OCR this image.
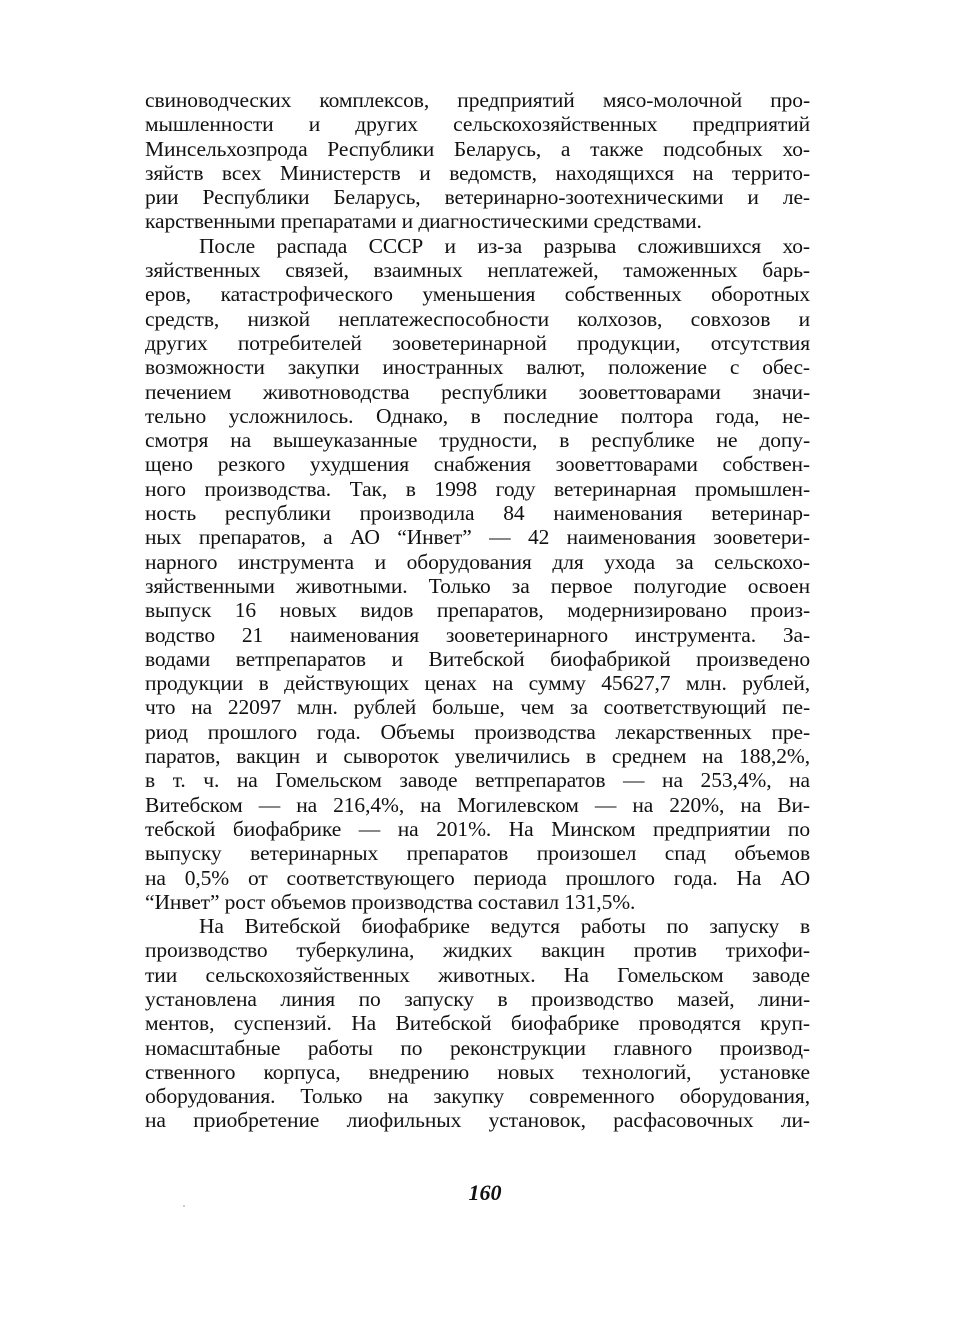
свиноводческих комплексов, предприятий мясо-молочной про-
мышленности и других сельскохозяйственных предприятий
Минсельхозпрода Республики Беларусь, а также подсобных хо-
зяйств всех Министерств и ведомств, находящихся на террито-
рии Республики Беларусь, ветеринарно-зоотехническими и ле-
карственными препаратами и диагностическими средствами.
После распада СССР и из-за разрыва сложившихся хо-
зяйственных связей, взаимных неплатежей, таможенных барь-
еров, катастрофического уменьшения собственных оборотных
средств, низкой неплатежеспособности колхозов, совхозов и
других потребителей зооветеринарной продукции, отсутствия
возможности закупки иностранных валют, положение с обес-
печением животноводства республики зооветтоварами значи-
тельно усложнилось. Однако, в последние полтора года, не-
смотря на вышеуказанные трудности, в республике не допу-
щено резкого ухудшения снабжения зооветтоварами собствен-
ного производства. Так, в 1998 году ветеринарная промышлен-
ность республики производила 84 наименования ветеринар-
ных препаратов, а АО “Инвет” — 42 наименования зооветери-
нарного инструмента и оборудования для ухода за сельскохо-
зяйственными животными. Только за первое полугодие освоен
выпуск 16 новых видов препаратов, модернизировано произ-
водство 21 наименования зооветеринарного инструмента. За-
водами ветпрепаратов и Витебской биофабрикой произведено
продукции в действующих ценах на сумму 45627,7 млн. рублей,
что на 22097 млн. рублей больше, чем за соответствующий пе-
риод прошлого года. Объемы производства лекарственных пре-
паратов, вакцин и сывороток увеличились в среднем на 188,2%,
в т. ч. на Гомельском заводе ветпрепаратов — на 253,4%, на
Витебском — на 216,4%, на Могилевском — на 220%, на Ви-
тебской биофабрике — на 201%. На Минском предприятии по
выпуску ветеринарных препаратов произошел спад объемов
на 0,5% от соответствующего периода прошлого года. На АО
“Инвет” рост объемов производства составил 131,5%.
На Витебской биофабрике ведутся работы по запуску в
производство туберкулина, жидких вакцин против трихофи-
тии сельскохозяйственных животных. На Гомельском заводе
установлена линия по запуску в производство мазей, лини-
ментов, суспензий. На Витебской биофабрике проводятся круп-
номасштабные работы по реконструкции главного производ-
ственного корпуса, внедрению новых технологий, установке
оборудования. Только на закупку современного оборудования,
на приобретение лиофильных установок, расфасовочных ли-
160
